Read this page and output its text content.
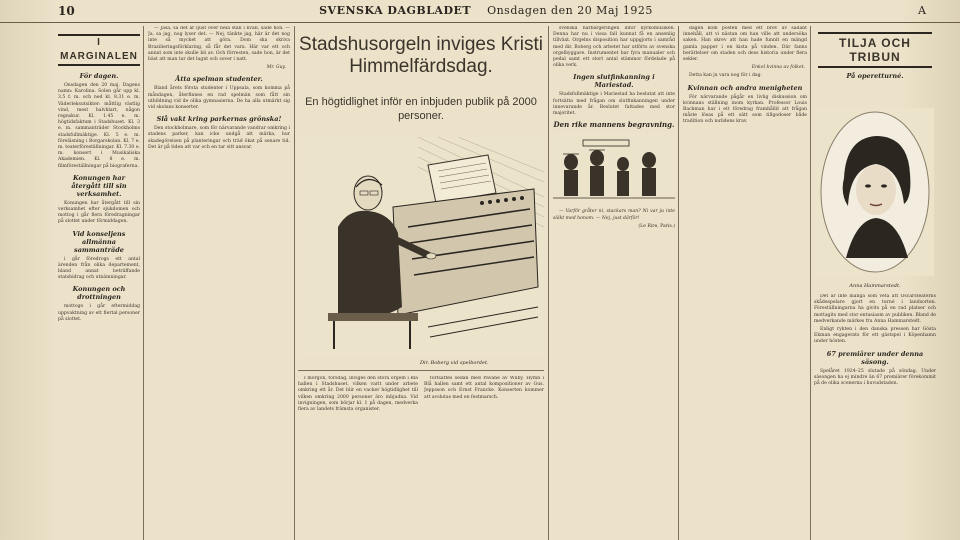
10	SVENSKA DAGBLADET Onsdagen den 20 Maj 1925	A
I MARGINALEN
För dagen.

Onsdagen den 20 maj. Dagens namn: Karolina. Solen går upp kl. 3.5 f. m. och ned kl. 8.31 e. m. Väderleksutsikter: måttlig västlig vind, mest halvklart, någon regnskur. Kl. 1.45 e. m. högtidsfaktum i Stadshuset. Kl. 3 e. m. sammanträder Stockholms stadsfullmäktige. Kl. 5 e. m. föreläsning i Borgarskolan. Kl. 7 e. m. teaterföreställningar. Kl. 7.30 e. m. konsert i Musikaliska Akademien. Kl. 8 e. m. filmföreställningar på biograferna.

Konungen har återgått till sin verksamhet.

Konungen har återgått till sin verksamhet efter sjukdomen och mottog i går flera föredragningar på slottet under förmiddagen.

Vid konseljens allmänna sammanträde

i går föredrogs ett antal ärenden från olika departement, bland annat beträffande statsbidrag och utnämningar.

Konungen och drottningen

mottogo i går eftermiddag uppvaktning av ett flertal personer på slottet.

— Jaså, så det är ljust över hela stan i kväll, sade hon. — Ja, sa jag, nog lyser det. — Nej, tänkte jag, här är det nog inte så mycket att göra. Dom ska skriva Brazilieringsförklaring, så får det vara. Här var ett och annat som inte skulle bli av. Och förresten, sade hon, är det bäst att man tar det lugnt och sover i natt.

Mr. Guy.
Åtta spelman studenter.

Bland årets första studenter i Uppsala, som komma på måndagen, återfinnes en rad spelmän som fått sin utbildning vid de olika gymnasierna. De ha alla utmärkt sig vid skolans konserter.

Slå vakt kring parkernas grönska!

Den stockholmare, som för närvarande vandrar omkring i stadens parker, kan icke undgå att märka, hur skadegörelsen på planteringar och träd ökat på senare tid. Det är på tiden att var och en tar sitt ansvar.

Stadshusorgeln inviges Kristi Himmelfärdsdag.
En högtidlighet inför en inbjuden publik på 2000 personer.
Dir. Boberg vid spelbordet.

I morgon, torsdag, inviges den stora orgeln i Blå hallen i Stadshuset, vilken varit under arbete omkring ett år. Det blir en vacker högtidlighet till vilken omkring 2000 personer äro inbjudna. Vid invigningen, som börjar kl. 1 på dagen, medverka flera av landets främsta organister.

fortsättes sedan med Pavane av Wilby, Hymn i Blå hallen samt ett antal kompositioner av Gus. Jeppsson och Ernst Francke. Konserten kommer att avslutas med en festmarsch.

svenska härbärgeringen inför kyrkomusiken. Denna har nu i vissa fall kunnat få en ansenlig tillväxt. Orgelns disposition har uppgjorts i samråd med dir. Boberg och arbetet har utförts av svenska orgelbyggare. Instrumentet har fyra manualer och pedal samt ett stort antal stämmor fördelade på olika verk.

Ingen slutfinkanning i Mariestad.

Stadsfullmäktige i Mariestad ha beslutat att inte fortsätta med frågan om slutfinkanningen under innevarande år. Beslutet fattades med stor majoritet.

Den rike mannens begravning.

— Varför gråter ni, stackars man? Ni var ju inte släkt med honom. — Nej, just därför!

(Le Rire, Paris.)

dagen kom posten med ett brev av sådant innehåll, att vi nästan om han ville att undersöka saken. Han skrev att han hade funnit en mängd gamla papper i en kista på vinden. Där fanns berättelser om staden och dess historia under flera sekler.

Enkel kvinna av folket.

Detta kan ju vara nog för i dag.

Kvinnan och andra menigheten

För närvarande pågår en livlig diskussion om kvinnans ställning inom kyrkan. Professor Louis Backman har i ett föredrag framhållit att frågan måste lösas på ett sätt som tillgodoser både tradition och nutidens krav.

TILJA OCH TRIBUN
På operetturné.
Anna Hammarstedt.

Det är inte många som veta att Oscarsteaterns skådespelare gjort en turné i landsorten. Föreställningarna ha givits på en rad platser och mottagits med stor entusiasm av publiken. Bland de medverkande märkes fru Anna Hammarstedt.

Enligt rykten i den danska pressen har Gösta Ekman engagerats för ett gästspel i Köpenhamn under hösten.

67 premiärer under denna säsong.

Spelåret 1924–25 slutade på söndag. Under säsongen ha ej mindre än 67 premiärer förekommit på de olika scenerna i huvudstaden.
